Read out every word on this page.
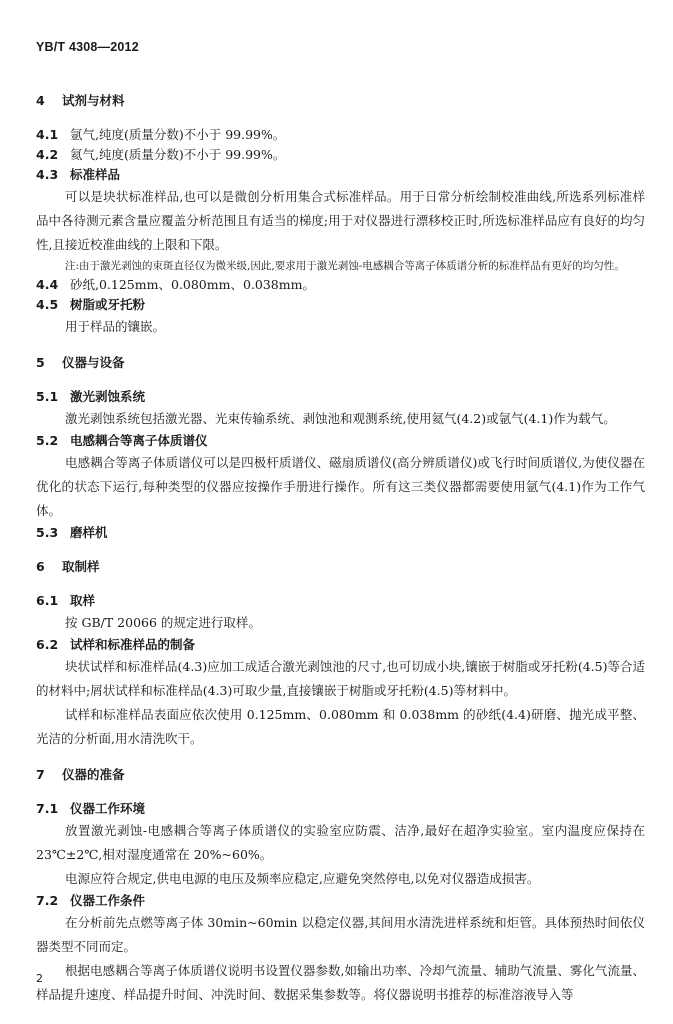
YB/T 4308—2012
4 试剂与材料
4.1 氩气,纯度(质量分数)不小于 99.99%。
4.2 氦气,纯度(质量分数)不小于 99.99%。
4.3 标准样品

可以是块状标准样品,也可以是微创分析用集合式标准样品。用于日常分析绘制校准曲线,所选系列标准样品中各待测元素含量应覆盖分析范围且有适当的梯度;用于对仪器进行漂移校正时,所选标准样品应有良好的均匀性,且接近校准曲线的上限和下限。

注:由于激光剥蚀的束斑直径仅为微米级,因此,要求用于激光剥蚀-电感耦合等离子体质谱分析的标准样品有更好的均匀性。

4.4 砂纸,0.125mm、0.080mm、0.038mm。
4.5 树脂或牙托粉

用于样品的镶嵌。

5 仪器与设备
5.1 激光剥蚀系统

激光剥蚀系统包括激光器、光束传输系统、剥蚀池和观测系统,使用氦气(4.2)或氩气(4.1)作为载气。

5.2 电感耦合等离子体质谱仪

电感耦合等离子体质谱仪可以是四极杆质谱仪、磁扇质谱仪(高分辨质谱仪)或飞行时间质谱仪,为使仪器在优化的状态下运行,每种类型的仪器应按操作手册进行操作。所有这三类仪器都需要使用氩气(4.1)作为工作气体。

5.3 磨样机
6 取制样
6.1 取样

按 GB/T 20066 的规定进行取样。

6.2 试样和标准样品的制备

块状试样和标准样品(4.3)应加工成适合激光剥蚀池的尺寸,也可切成小块,镶嵌于树脂或牙托粉(4.5)等合适的材料中;屑状试样和标准样品(4.3)可取少量,直接镶嵌于树脂或牙托粉(4.5)等材料中。

试样和标准样品表面应依次使用 0.125mm、0.080mm 和 0.038mm 的砂纸(4.4)研磨、抛光成平整、光洁的分析面,用水清洗吹干。

7 仪器的准备
7.1 仪器工作环境

放置激光剥蚀-电感耦合等离子体质谱仪的实验室应防震、洁净,最好在超净实验室。室内温度应保持在 23℃±2℃,相对湿度通常在 20%~60%。

电源应符合规定,供电电源的电压及频率应稳定,应避免突然停电,以免对仪器造成损害。

7.2 仪器工作条件

在分析前先点燃等离子体 30min~60min 以稳定仪器,其间用水清洗进样系统和炬管。具体预热时间依仪器类型不同而定。

根据电感耦合等离子体质谱仪说明书设置仪器参数,如输出功率、冷却气流量、辅助气流量、雾化气流量、样品提升速度、样品提升时间、冲洗时间、数据采集参数等。将仪器说明书推荐的标准溶液导入等

2
